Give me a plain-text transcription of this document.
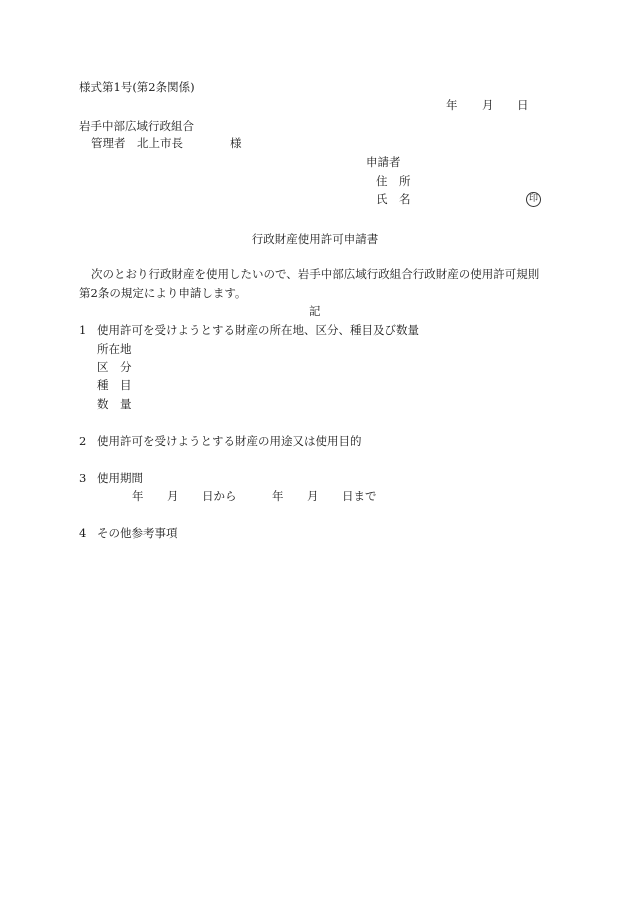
様式第1号(第2条関係)
年 月 日
岩手中部広域行政組合
管理者 北上市長	様
申請者
住　所
氏　名	印
行政財産使用許可申請書
次のとおり行政財産を使用したいので、岩手中部広域行政組合行政財産の使用許可規則
第2条の規定により申請します。
記
1 使用許可を受けようとする財産の所在地、区分、種目及び数量
所在地
区　分
種　目
数　量
2 使用許可を受けようとする財産の用途又は使用目的
3 使用期間
年 月 日から	年 月 日まで
4 その他参考事項
